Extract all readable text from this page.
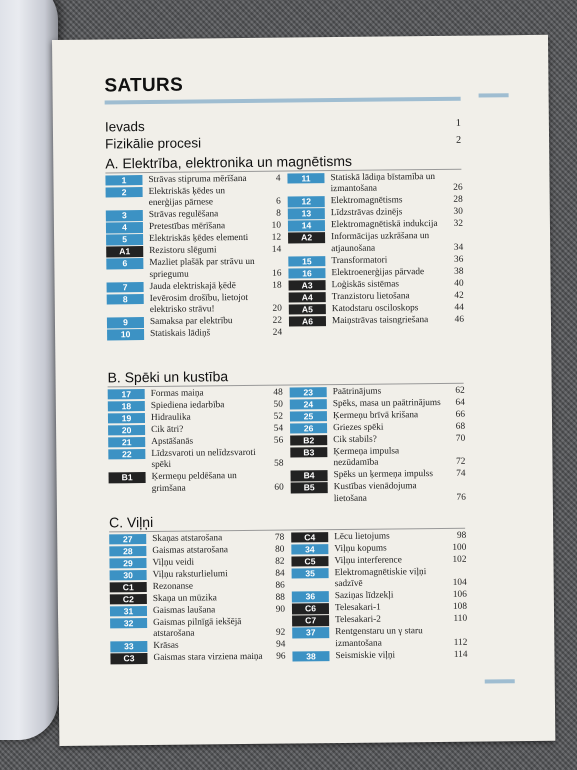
SATURS
Ievads	1
Fizikālie procesi	2
A. Elektrība, elektronika un magnētisms
1	Strāvas stipruma mērīšana	4
2	Elektriskās ķēdes un enerģijas pārnese	6
3	Strāvas regulēšana	8
4	Pretestības mērīšana	10
5	Elektriskās ķēdes elementi	12
A1	Rezistoru slēgumi	14
6	Mazliet plašāk par strāvu un spriegumu	16
7	Jauda elektriskajā ķēdē	18
8	Ievērosim drošību, lietojot elektrisko strāvu!	20
9	Samaksa par elektrību	22
10	Statiskais lādiņš	24
11	Statiskā lādiņa bīstamība un izmantošana	26
12	Elektromagnētisms	28
13	Līdzstrāvas dzinējs	30
14	Elektromagnētiskā indukcija	32
A2	Informācijas uzkrāšana un atjaunošana	34
15	Transformatori	36
16	Elektroenerģijas pārvade	38
A3	Loģiskās sistēmas	40
A4	Tranzistoru lietošana	42
A5	Katodstaru osciloskops	44
A6	Maiņstrāvas taisngriešana	46
B. Spēki un kustība
17	Formas maiņa	48
18	Spiediena iedarbība	50
19	Hidraulika	52
20	Cik ātri?	54
21	Apstāšanās	56
22	Līdzsvaroti un nelīdzsvaroti spēki	58
B1	Ķermeņu peldēšana un grimšana	60
23	Paātrinājums	62
24	Spēks, masa un paātrinājums 64
25	Ķermeņu brīvā krišana	66
26	Griezes spēki	68
B2	Cik stabils?	70
B3	Ķermeņa impulsa nezūdamība	72
B4	Spēks un ķermeņa impulss	74
B5	Kustības vienādojuma lietošana	76
C. Viļņi
27	Skaņas atstarošana	78
28	Gaismas atstarošana	80
29	Viļņu veidi	82
30	Viļņu raksturlielumi	84
C1	Rezonanse	86
C2	Skaņa un mūzika	88
31	Gaismas laušana	90
32	Gaismas pilnīgā iekšējā atstarošana	92
33	Krāsas	94
C3	Gaismas stara virziena maiņa 96
C4	Lēcu lietojums	98
34	Viļņu kopums	100
C5	Viļņu interference	102
35	Elektromagnētiskie viļņi sadzīvē	104
36	Saziņas līdzekļi	106
C6	Telesakari-1	108
C7	Telesakari-2	110
37	Rentgenstaru un γ staru izmantošana	112
38	Seismiskie viļņi	114
